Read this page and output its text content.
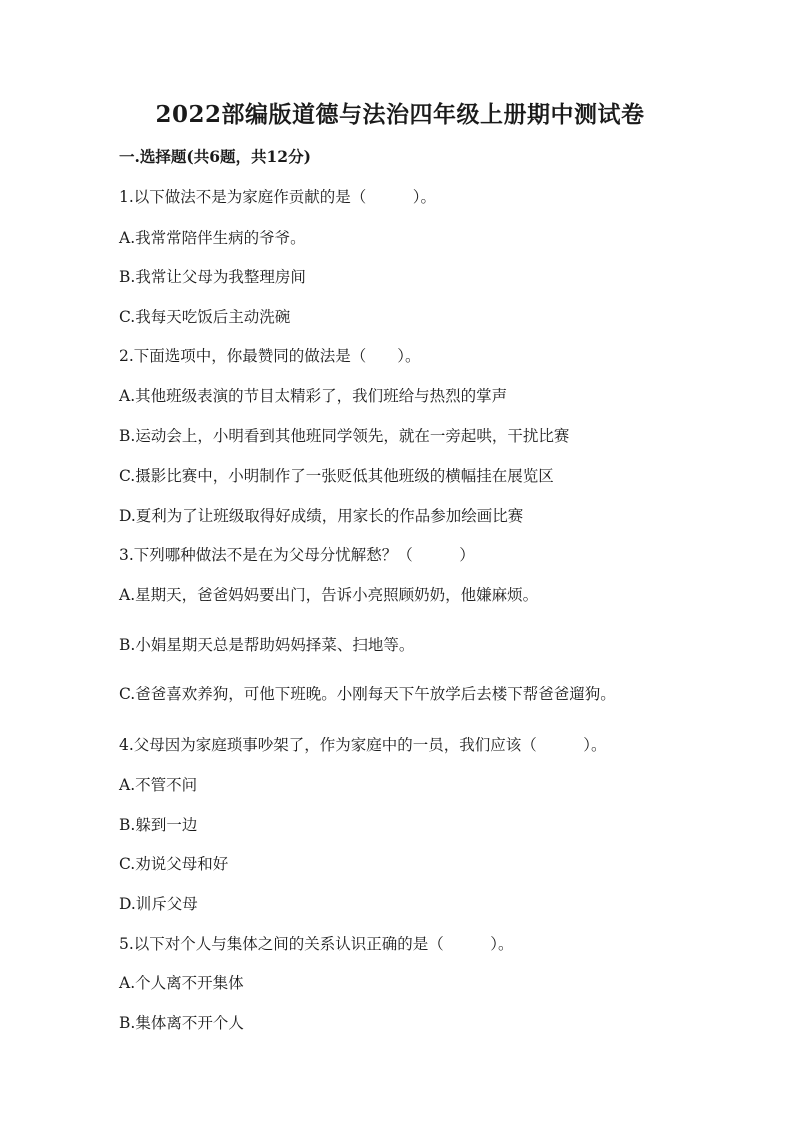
2022部编版道德与法治四年级上册期中测试卷

一.选择题(共6题，共12分)

1.以下做法不是为家庭作贡献的是（　　　）。

A.我常常陪伴生病的爷爷。

B.我常让父母为我整理房间

C.我每天吃饭后主动洗碗

2.下面选项中，你最赞同的做法是（　　）。

A.其他班级表演的节目太精彩了，我们班给与热烈的掌声

B.运动会上，小明看到其他班同学领先，就在一旁起哄，干扰比赛

C.摄影比赛中，小明制作了一张贬低其他班级的横幅挂在展览区

D.夏利为了让班级取得好成绩，用家长的作品参加绘画比赛

3.下列哪种做法不是在为父母分忧解愁？（　　　）

A.星期天，爸爸妈妈要出门，告诉小亮照顾奶奶，他嫌麻烦。

B.小娟星期天总是帮助妈妈择菜、扫地等。

C.爸爸喜欢养狗，可他下班晚。小刚每天下午放学后去楼下帮爸爸遛狗。

4.父母因为家庭琐事吵架了，作为家庭中的一员，我们应该（　　　）。

A.不管不问

B.躲到一边

C.劝说父母和好

D.训斥父母

5.以下对个人与集体之间的关系认识正确的是（　　　）。

A.个人离不开集体

B.集体离不开个人
